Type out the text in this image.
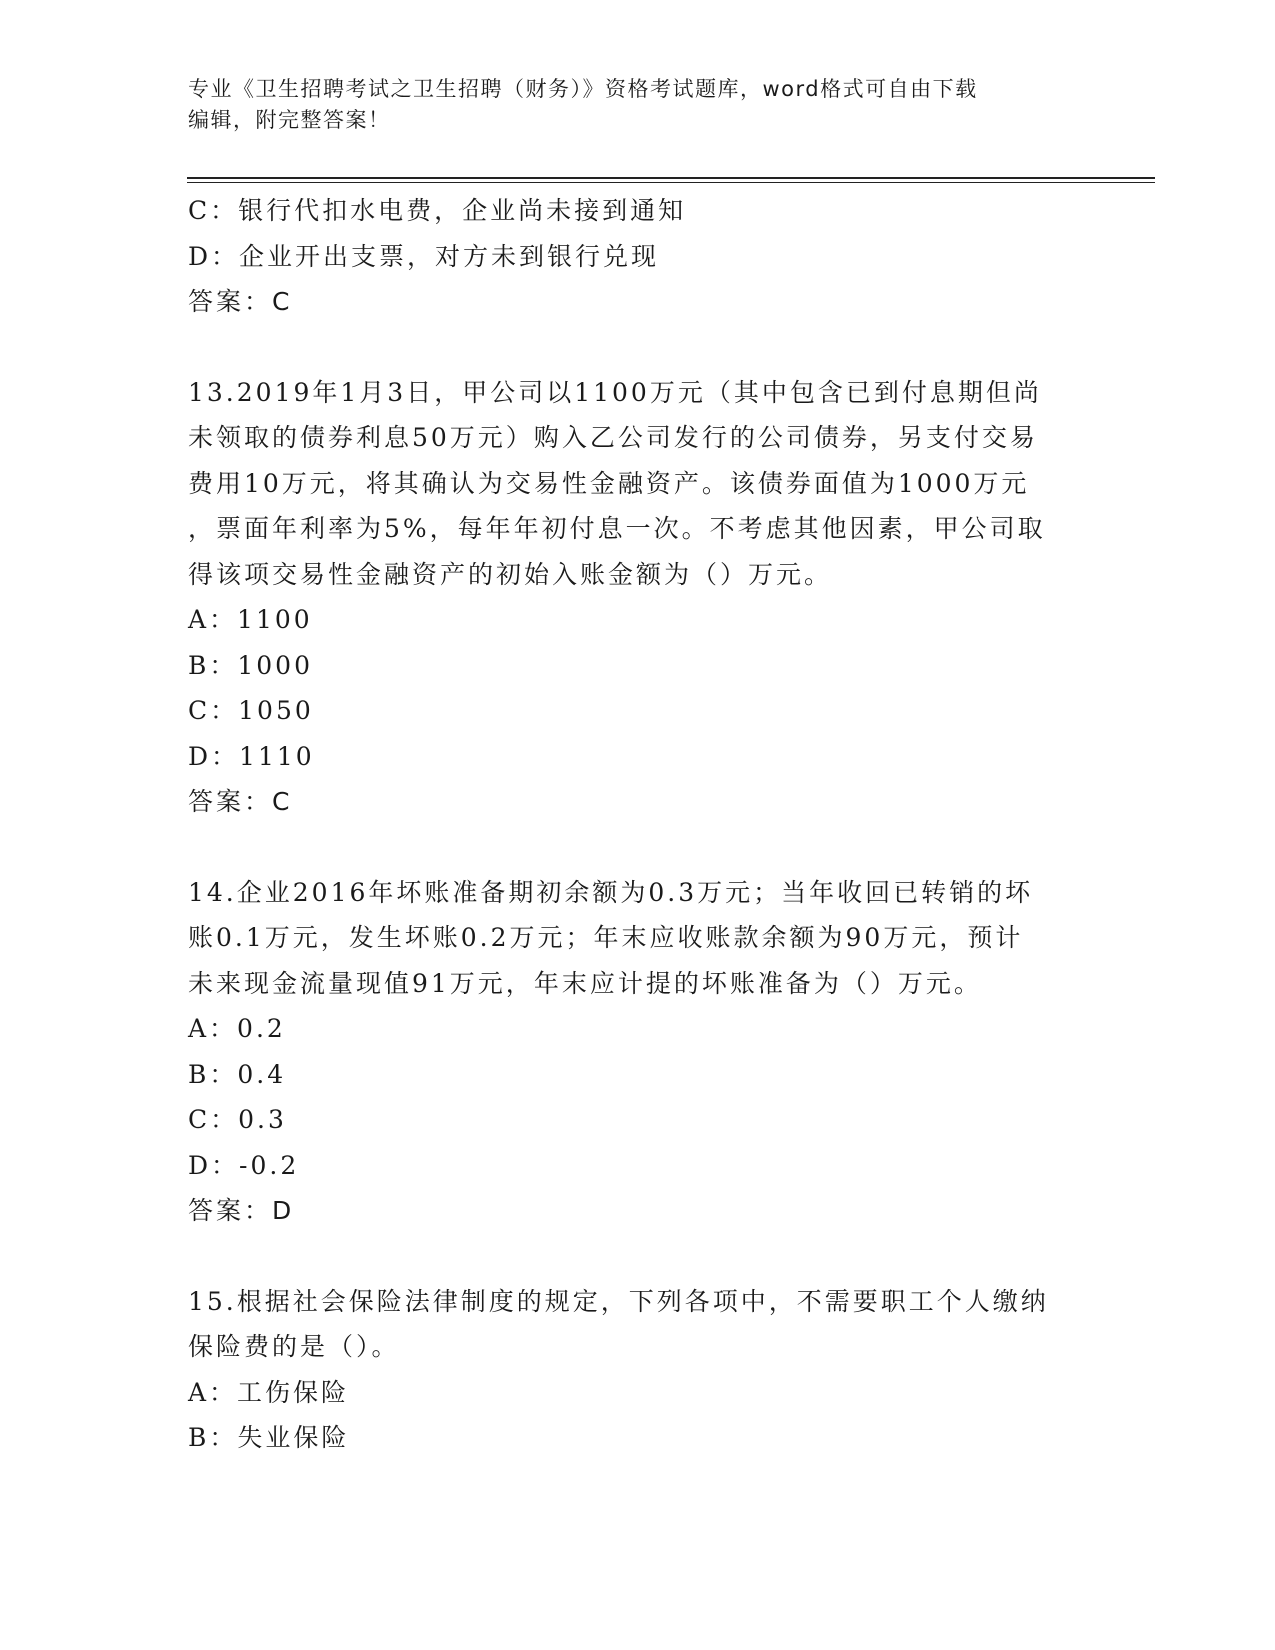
专业《卫生招聘考试之卫生招聘（财务）》资格考试题库，word格式可自由下载
编辑，附完整答案！
C：银行代扣水电费，企业尚未接到通知
D：企业开出支票，对方未到银行兑现
答案：C
13.2019年1月3日，甲公司以1100万元（其中包含已到付息期但尚
未领取的债券利息50万元）购入乙公司发行的公司债券，另支付交易
费用10万元，将其确认为交易性金融资产。该债券面值为1000万元
，票面年利率为5%，每年年初付息一次。不考虑其他因素，甲公司取
得该项交易性金融资产的初始入账金额为（）万元。
A：1100
B：1000
C：1050
D：1110
答案：C
14.企业2016年坏账准备期初余额为0.3万元；当年收回已转销的坏
账0.1万元，发生坏账0.2万元；年末应收账款余额为90万元，预计
未来现金流量现值91万元，年末应计提的坏账准备为（）万元。
A：0.2
B：0.4
C：0.3
D：-0.2
答案：D
15.根据社会保险法律制度的规定，下列各项中，不需要职工个人缴纳
保险费的是（）。
A：工伤保险
B：失业保险
